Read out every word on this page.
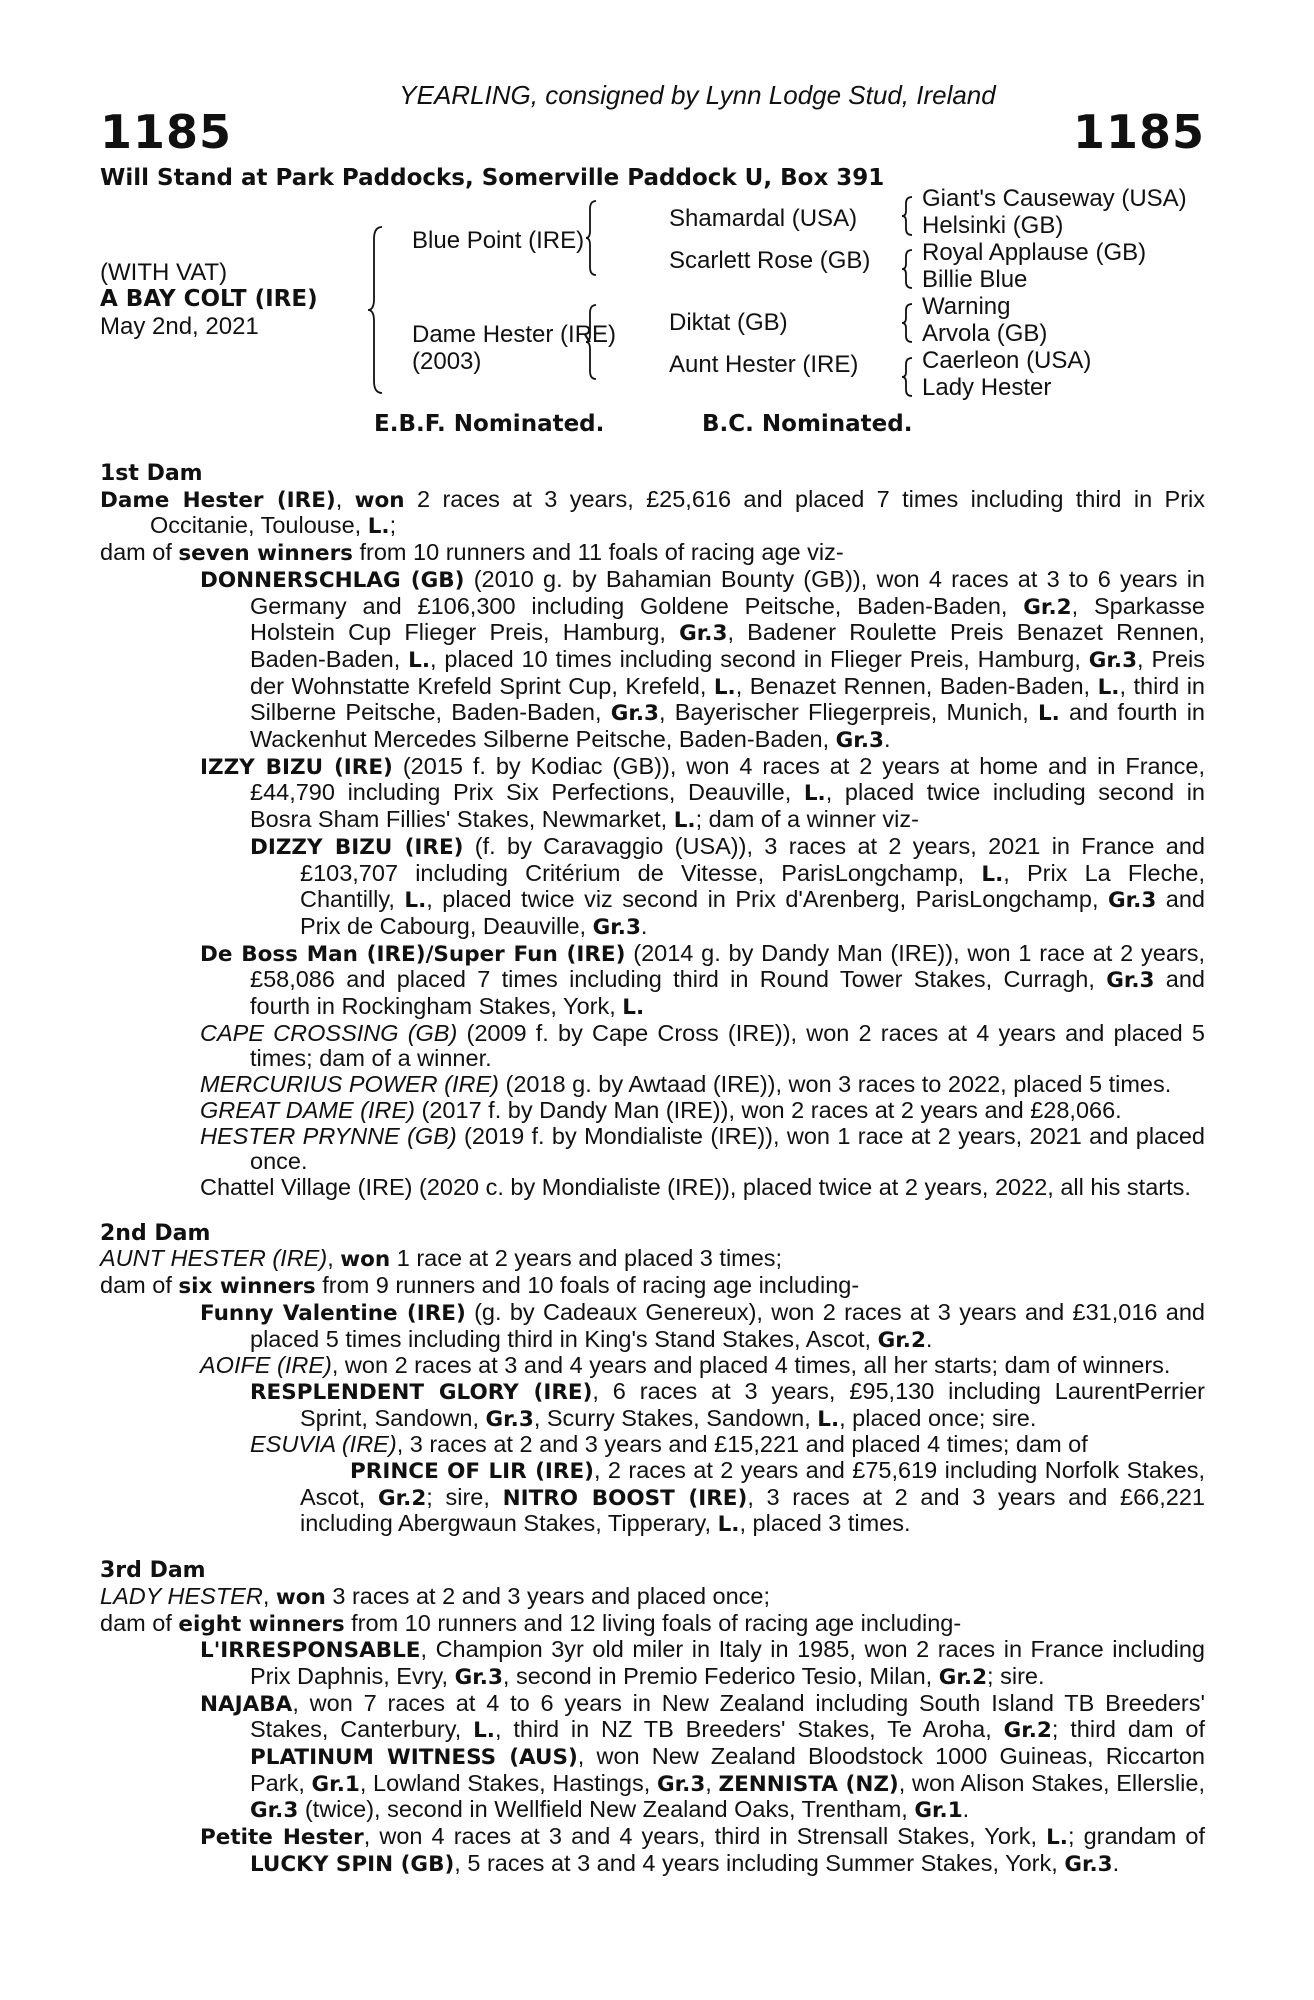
YEARLING, consigned by Lynn Lodge Stud, Ireland
1185	1185
Will Stand at Park Paddocks, Somerville Paddock U, Box 391
(WITH VAT)
A BAY COLT (IRE)
May 2nd, 2021
Blue Point (IRE)
Dame Hester (IRE)
(2003)
Shamardal (USA)
Scarlett Rose (GB)
Diktat (GB)
Aunt Hester (IRE)
Giant's Causeway (USA)
Helsinki (GB)
Royal Applause (GB)
Billie Blue
Warning
Arvola (GB)
Caerleon (USA)
Lady Hester
E.B.F. Nominated.	B.C. Nominated.
1st Dam
Dame Hester (IRE), won 2 races at 3 years, £25,616 and placed 7 times including third in Prix Occitanie, Toulouse, L.;
dam of seven winners from 10 runners and 11 foals of racing age viz-
DONNERSCHLAG (GB) (2010 g. by Bahamian Bounty (GB)), won 4 races at 3 to 6 years in Germany and £106,300 including Goldene Peitsche, Baden-Baden, Gr.2, Sparkasse Holstein Cup Flieger Preis, Hamburg, Gr.3, Badener Roulette Preis Benazet Rennen, Baden-Baden, L., placed 10 times including second in Flieger Preis, Hamburg, Gr.3, Preis der Wohnstatte Krefeld Sprint Cup, Krefeld, L., Benazet Rennen, Baden-Baden, L., third in Silberne Peitsche, Baden-Baden, Gr.3, Bayerischer Fliegerpreis, Munich, L. and fourth in Wackenhut Mercedes Silberne Peitsche, Baden-Baden, Gr.3.
IZZY BIZU (IRE) (2015 f. by Kodiac (GB)), won 4 races at 2 years at home and in France, £44,790 including Prix Six Perfections, Deauville, L., placed twice including second in Bosra Sham Fillies' Stakes, Newmarket, L.; dam of a winner viz-
DIZZY BIZU (IRE) (f. by Caravaggio (USA)), 3 races at 2 years, 2021 in France and £103,707 including Critérium de Vitesse, ParisLongchamp, L., Prix La Fleche, Chantilly, L., placed twice viz second in Prix d'Arenberg, ParisLongchamp, Gr.3 and Prix de Cabourg, Deauville, Gr.3.
De Boss Man (IRE)/Super Fun (IRE) (2014 g. by Dandy Man (IRE)), won 1 race at 2 years, £58,086 and placed 7 times including third in Round Tower Stakes, Curragh, Gr.3 and fourth in Rockingham Stakes, York, L.
CAPE CROSSING (GB) (2009 f. by Cape Cross (IRE)), won 2 races at 4 years and placed 5 times; dam of a winner.
MERCURIUS POWER (IRE) (2018 g. by Awtaad (IRE)), won 3 races to 2022, placed 5 times.
GREAT DAME (IRE) (2017 f. by Dandy Man (IRE)), won 2 races at 2 years and £28,066.
HESTER PRYNNE (GB) (2019 f. by Mondialiste (IRE)), won 1 race at 2 years, 2021 and placed once.
Chattel Village (IRE) (2020 c. by Mondialiste (IRE)), placed twice at 2 years, 2022, all his starts.
2nd Dam
AUNT HESTER (IRE), won 1 race at 2 years and placed 3 times;
dam of six winners from 9 runners and 10 foals of racing age including-
Funny Valentine (IRE) (g. by Cadeaux Genereux), won 2 races at 3 years and £31,016 and placed 5 times including third in King's Stand Stakes, Ascot, Gr.2.
AOIFE (IRE), won 2 races at 3 and 4 years and placed 4 times, all her starts; dam of winners.
RESPLENDENT GLORY (IRE), 6 races at 3 years, £95,130 including LaurentPerrier Sprint, Sandown, Gr.3, Scurry Stakes, Sandown, L., placed once; sire.
ESUVIA (IRE), 3 races at 2 and 3 years and £15,221 and placed 4 times; dam of
PRINCE OF LIR (IRE), 2 races at 2 years and £75,619 including Norfolk Stakes, Ascot, Gr.2; sire, NITRO BOOST (IRE), 3 races at 2 and 3 years and £66,221 including Abergwaun Stakes, Tipperary, L., placed 3 times.
3rd Dam
LADY HESTER, won 3 races at 2 and 3 years and placed once;
dam of eight winners from 10 runners and 12 living foals of racing age including-
L'IRRESPONSABLE, Champion 3yr old miler in Italy in 1985, won 2 races in France including Prix Daphnis, Evry, Gr.3, second in Premio Federico Tesio, Milan, Gr.2; sire.
NAJABA, won 7 races at 4 to 6 years in New Zealand including South Island TB Breeders' Stakes, Canterbury, L., third in NZ TB Breeders' Stakes, Te Aroha, Gr.2; third dam of PLATINUM WITNESS (AUS), won New Zealand Bloodstock 1000 Guineas, Riccarton Park, Gr.1, Lowland Stakes, Hastings, Gr.3, ZENNISTA (NZ), won Alison Stakes, Ellerslie, Gr.3 (twice), second in Wellfield New Zealand Oaks, Trentham, Gr.1.
Petite Hester, won 4 races at 3 and 4 years, third in Strensall Stakes, York, L.; grandam of LUCKY SPIN (GB), 5 races at 3 and 4 years including Summer Stakes, York, Gr.3.
